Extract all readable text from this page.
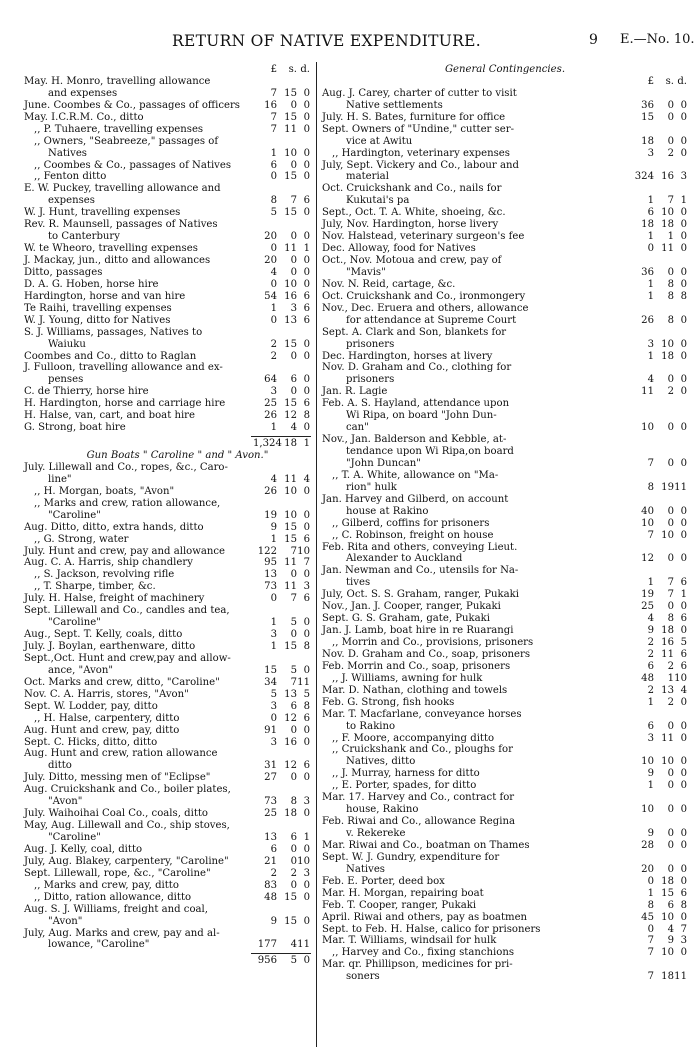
RETURN OF NATIVE EXPENDITURE.	9 E.—No. 10.
£	s. d.
May. H. Monro, travelling allowance
and expenses	7 15 0
June. Coombes & Co., passages of officers	16	0 0
May. I.C.R.M. Co., ditto	7 15 0
,, P. Tuhaere, travelling expenses	7 11 0
,, Owners, "Seabreeze," passages of
Natives	1 10 0
,, Coombes & Co., passages of Natives	6	0 0
,, Fenton ditto	0 15 0
E. W. Puckey, travelling allowance and
expenses	8	7 6
W. J. Hunt, travelling expenses	5 15 0
Rev. R. Maunsell, passages of Natives
to Canterbury	20	0 0
W. te Wheoro, travelling expenses	0 11 1
J. Mackay, jun., ditto and allowances	20	0 0
Ditto, passages	4	0 0
D. A. G. Hoben, horse hire	0 10 0
Hardington, horse and van hire	54 16 6
Te Raihi, travelling expenses	1	3 6
W. J. Young, ditto for Natives	0 13 6
S. J. Williams, passages, Natives to
Waiuku	2 15 0
Coombes and Co., ditto to Raglan	2	0 0
J. Fulloon, travelling allowance and ex-
penses	64	6 0
C. de Thierry, horse hire	3	0 0
H. Hardington, horse and carriage hire	25 15 6
H. Halse, van, cart, and boat hire	26 12 8
G. Strong, boat hire	1	4 0
1,324 18 1
Gun Boats " Caroline " and " Avon."
July. Lillewall and Co., ropes, &c., Caro-
line"	4 11 4
,, H. Morgan, boats, "Avon"	26 10 0
,, Marks and crew, ration allowance,
"Caroline"	19 10 0
Aug. Ditto, ditto, extra hands, ditto	9 15 0
,, G. Strong, water	1 15 6
July. Hunt and crew, pay and allowance	122	7 10
Aug. C. A. Harris, ship chandlery	95 11 7
,, S. Jackson, revolving rifle	13	0 0
,, T. Sharpe, timber, &c.	73 11 3
July. H. Halse, freight of machinery	0	7 6
Sept. Lillewall and Co., candles and tea,
"Caroline"	1	5 0
Aug., Sept. T. Kelly, coals, ditto	3	0 0
July. J. Boylan, earthenware, ditto	1 15 8
Sept.,Oct. Hunt and crew,pay and allow-
ance, "Avon"	15	5 0
Oct. Marks and crew, ditto, "Caroline"	34	7 11
Nov. C. A. Harris, stores, "Avon"	5 13 5
Sept. W. Lodder, pay, ditto	3	6 8
,, H. Halse, carpentery, ditto	0 12 6
Aug. Hunt and crew, pay, ditto	91	0 0
Sept. C. Hicks, ditto, ditto	3 16 0
Aug. Hunt and crew, ration allowance
ditto	31 12 6
July. Ditto, messing men of "Eclipse"	27	0 0
Aug. Cruickshank and Co., boiler plates,
"Avon"	73	8 3
July. Waihoihai Coal Co., coals, ditto	25 18 0
May, Aug. Lillewall and Co., ship stoves,
"Caroline"	13	6 1
Aug. J. Kelly, coal, ditto	6	0 0
July, Aug. Blakey, carpentery, "Caroline"	21	0 10
Sept. Lillewall, rope, &c., "Caroline"	2	2 3
,, Marks and crew, pay, ditto	83	0 0
,, Ditto, ration allowance, ditto	48 15 0
Aug. S. J. Williams, freight and coal,
"Avon"	9 15 0
July, Aug. Marks and crew, pay and al-
lowance, "Caroline"	177	4 11
956	5 0
General Contingencies.
£	s. d.
Aug. J. Carey, charter of cutter to visit
Native settlements	36	0 0
July. H. S. Bates, furniture for office	15	0 0
Sept. Owners of "Undine," cutter ser-
vice at Awitu	18	0 0
,, Hardington, veterinary expenses	3	2 0
July, Sept. Vickery and Co., labour and
material	324 16 3
Oct. Cruickshank and Co., nails for
Kukutai's pa	1	7 1
Sept., Oct. T. A. White, shoeing, &c.	6 10 0
July, Nov. Hardington, horse livery	18 18 0
Nov. Halstead, veterinary surgeon's fee	1	1 0
Dec. Alloway, food for Natives	0 11 0
Oct., Nov. Motoua and crew, pay of
"Mavis"	36	0 0
Nov. N. Reid, cartage, &c.	1	8 0
Oct. Cruickshank and Co., ironmongery	1	8 8
Nov., Dec. Eruera and others, allowance
for attendance at Supreme Court	26	8 0
Sept. A. Clark and Son, blankets for
prisoners	3 10 0
Dec. Hardington, horses at livery	1 18 0
Nov. D. Graham and Co., clothing for
prisoners	4	0 0
Jan. R. Lagie	11	2 0
Feb. A. S. Hayland, attendance upon
Wi Ripa, on board "John Dun-
can"	10	0 0
Nov., Jan. Balderson and Kebble, at-
tendance upon Wi Ripa,on board
"John Duncan"	7	0 0
,, T. A. White, allowance on "Ma-
rion" hulk	8 19 11
Jan. Harvey and Gilberd, on account
house at Rakino	40	0 0
,, Gilberd, coffins for prisoners	10	0 0
,, C. Robinson, freight on house	7 10 0
Feb. Rita and others, conveying Lieut.
Alexander to Auckland	12	0 0
Jan. Newman and Co., utensils for Na-
tives	1	7 6
July, Oct. S. S. Graham, ranger, Pukaki	19	7 1
Nov., Jan. J. Cooper, ranger, Pukaki	25	0 0
Sept. G. S. Graham, gate, Pukaki	4	8 6
Jan. J. Lamb, boat hire in re Ruarangi	9 18 0
,, Morrin and Co., provisions, prisoners	2 16 5
Nov. D. Graham and Co., soap, prisoners	2 11 6
Feb. Morrin and Co., soap, prisoners	6	2 6
,, J. Williams, awning for hulk	48	1 10
Mar. D. Nathan, clothing and towels	2 13 4
Feb. G. Strong, fish hooks	1	2 0
Mar. T. Macfarlane, conveyance horses
to Rakino	6	0 0
,, F. Moore, accompanying ditto	3 11 0
,, Cruickshank and Co., ploughs for
Natives, ditto	10 10 0
,, J. Murray, harness for ditto	9	0 0
,, E. Porter, spades, for ditto	1	0 0
Mar. 17. Harvey and Co., contract for
house, Rakino	10	0 0
Feb. Riwai and Co., allowance Regina
v. Rekereke	9	0 0
Mar. Riwai and Co., boatman on Thames	28	0 0
Sept. W. J. Gundry, expenditure for
Natives	20	0 0
Feb. E. Porter, deed box	0 18 0
Mar. H. Morgan, repairing boat	1 15 6
Feb. T. Cooper, ranger, Pukaki	8	6 8
April. Riwai and others, pay as boatmen	45 10 0
Sept. to Feb. H. Halse, calico for prisoners	0	4 7
Mar. T. Williams, windsail for hulk	7	9 3
,, Harvey and Co., fixing stanchions	7 10 0
Mar. qr. Phillipson, medicines for pri-
soners	7 18 11
